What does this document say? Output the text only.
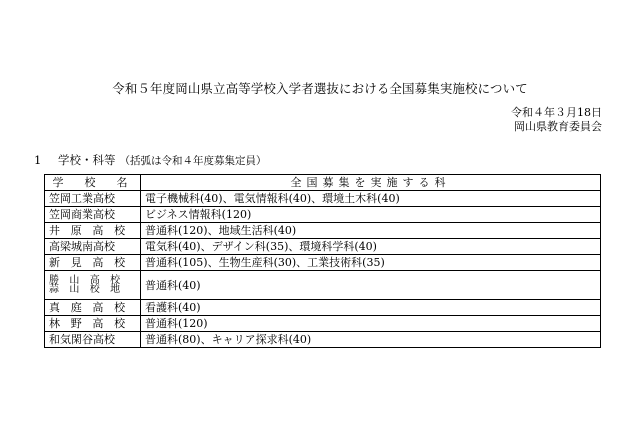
令和５年度岡山県立高等学校入学者選抜における全国募集実施校について
令和４年３月18日
岡山県教育委員会
1 学校・科等 （括弧は令和４年度募集定員）
学　校　名	全国募集を実施する科
笠岡工業高校	電子機械科(40)、電気情報科(40)、環境土木科(40)
笠岡商業高校	ビジネス情報科(120)
井 原 高 校	普通科(120)、地域生活科(40)
高梁城南高校	電気科(40)、デザイン科(35)、環境科学科(40)
新 見 高 校	普通科(105)、生物生産科(30)、工業技術科(35)

勝 山 高 校
蒜 山 校 地	普通科(40)
真 庭 高 校	看護科(40)
林 野 高 校	普通科(120)
和気閑谷高校	普通科(80)、キャリア探求科(40)
